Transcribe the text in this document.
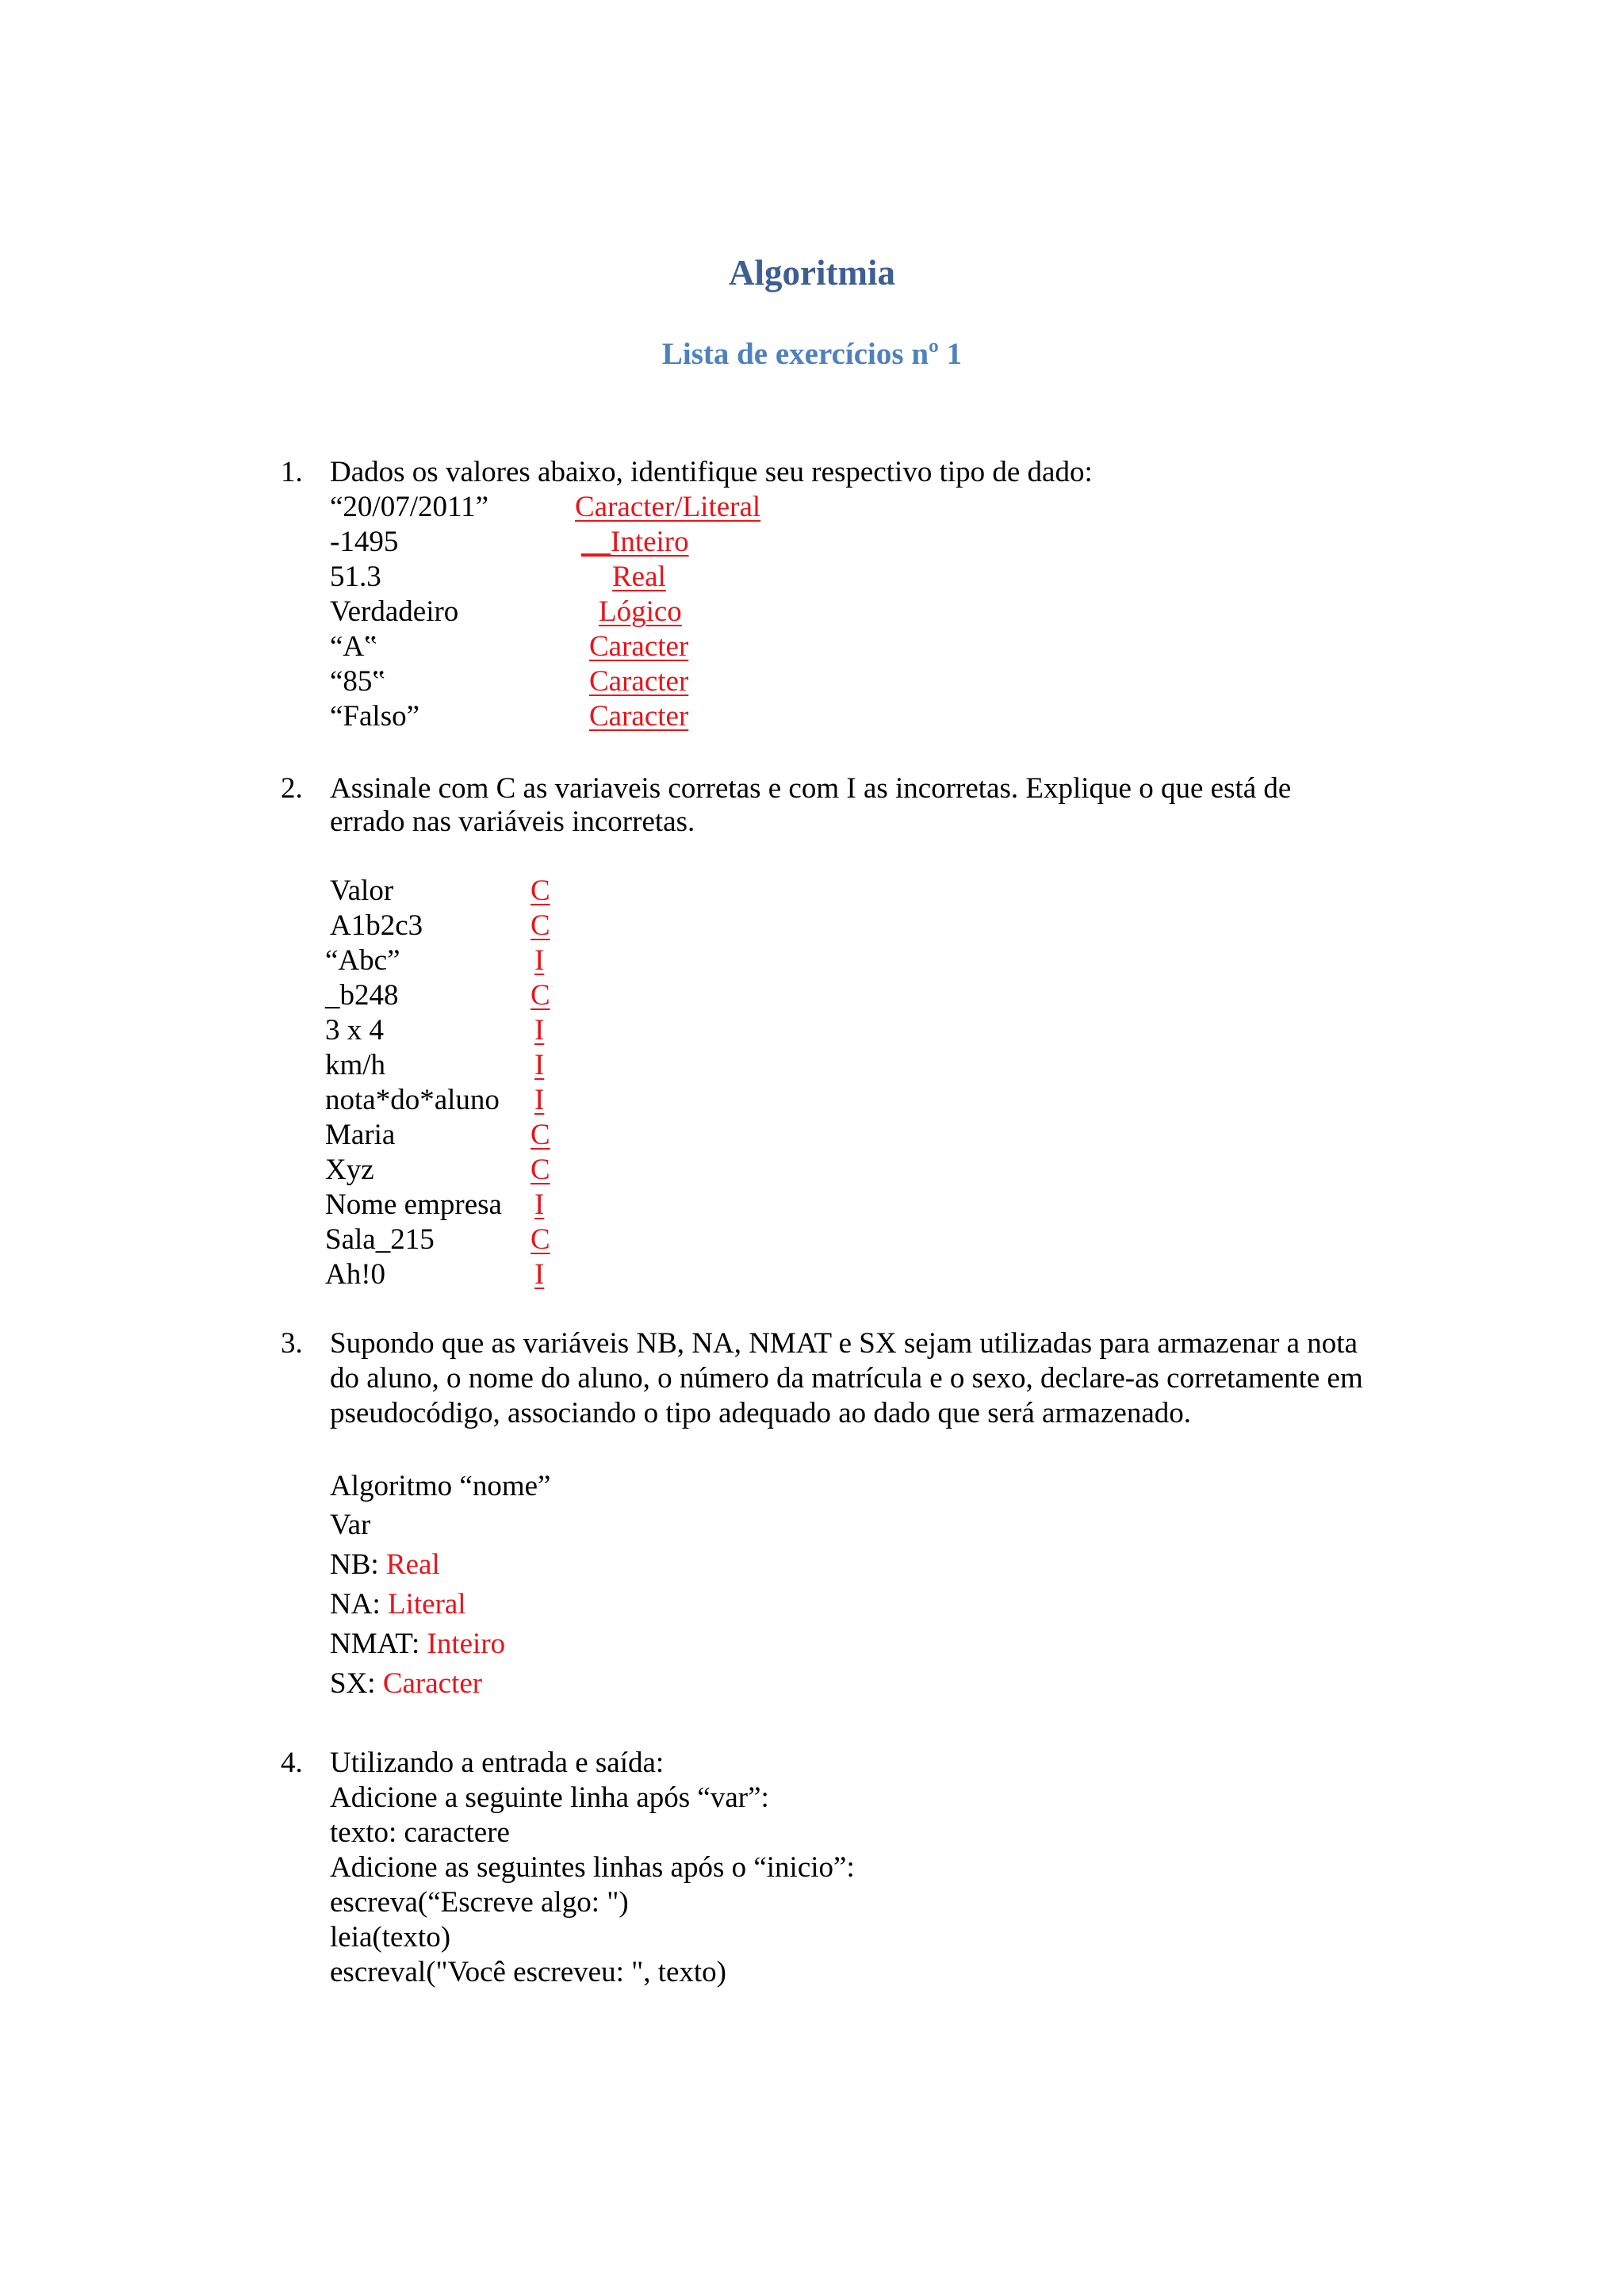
Algoritmia
Lista de exercícios nº 1
1. Dados os valores abaixo, identifique seu respectivo tipo de dado:
“20/07/2011”	Caracter/Literal
-1495	__Inteiro
51.3	Real
Verdadeiro	Lógico
“A‟	Caracter
“85‟	Caracter
“Falso”	Caracter
2. Assinale com C as variaveis corretas e com I as incorretas. Explique o que está de
errado nas variáveis incorretas.
Valor	C
A1b2c3	C
“Abc”	I
_b248	C
3 x 4	I
km/h	I
nota*do*aluno I
Maria	C
Xyz	C
Nome empresa I
Sala_215	C
Ah!0	I
3. Supondo que as variáveis NB, NA, NMAT e SX sejam utilizadas para armazenar a nota
do aluno, o nome do aluno, o número da matrícula e o sexo, declare-as corretamente em
pseudocódigo, associando o tipo adequado ao dado que será armazenado.
Algoritmo “nome”
Var
NB: Real
NA: Literal
NMAT: Inteiro
SX: Caracter
4. Utilizando a entrada e saída:
Adicione a seguinte linha após “var”:
texto: caractere
Adicione as seguintes linhas após o “inicio”:
escreva(“Escreve algo: ")
leia(texto)
escreval("Você escreveu: ", texto)
